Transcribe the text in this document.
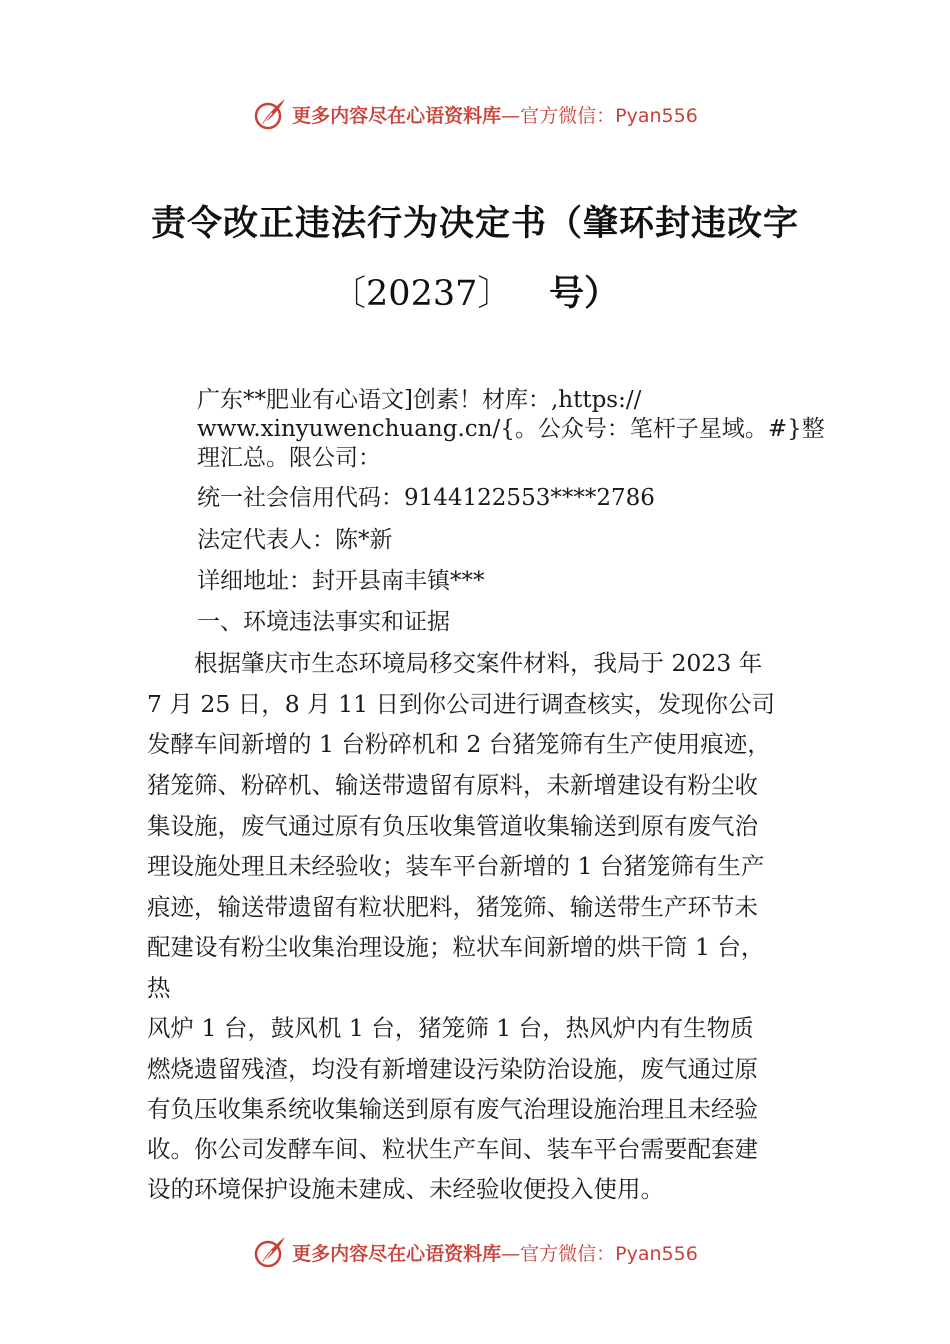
更多内容尽在心语资料库 —官方微信：Pyan556
责令改正违法行为决定书（肇环封违改字
〔20237〕 号）
广东**肥业有心语文]创素！材库：,https://
www.xinyuwenchuang.cn/{。公众号：笔杆子星域。#}整
理汇总。限公司：
统一社会信用代码：9144122553****2786
法定代表人：陈*新
详细地址：封开县南丰镇***
一、环境违法事实和证据
　　根据肇庆市生态环境局移交案件材料，我局于 2023 年
7 月 25 日，8 月 11 日到你公司进行调查核实，发现你公司
发酵车间新增的 1 台粉碎机和 2 台猪笼筛有生产使用痕迹，
猪笼筛、粉碎机、输送带遗留有原料，未新增建设有粉尘收
集设施，废气通过原有负压收集管道收集输送到原有废气治
理设施处理且未经验收；装车平台新增的 1 台猪笼筛有生产
痕迹，输送带遗留有粒状肥料，猪笼筛、输送带生产环节未
配建设有粉尘收集治理设施；粒状车间新增的烘干筒 1 台，
热
风炉 1 台，鼓风机 1 台，猪笼筛 1 台，热风炉内有生物质
燃烧遗留残渣，均没有新增建设污染防治设施，废气通过原
有负压收集系统收集输送到原有废气治理设施治理且未经验
收。你公司发酵车间、粒状生产车间、装车平台需要配套建
设的环境保护设施未建成、未经验收便投入使用。
更多内容尽在心语资料库 —官方微信：Pyan556
